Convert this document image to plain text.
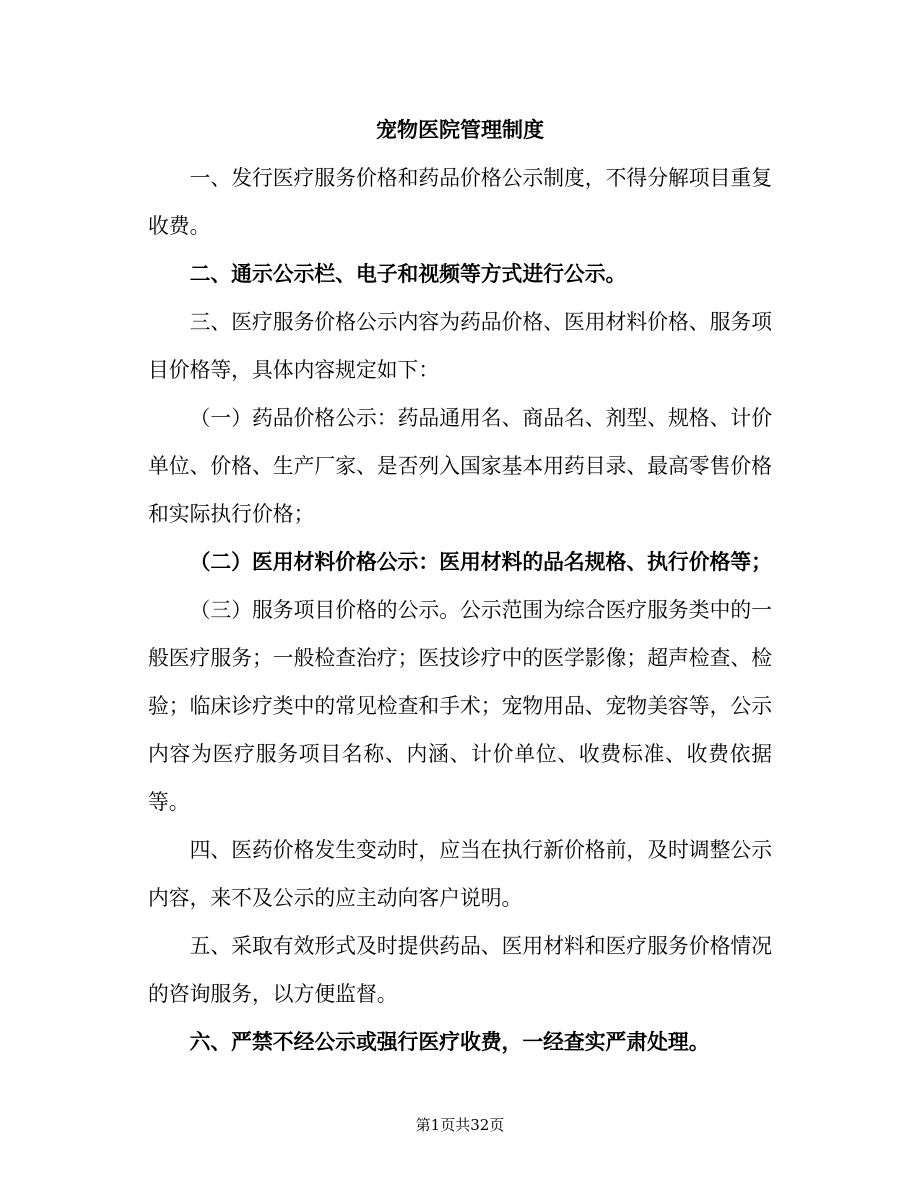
宠物医院管理制度

一、发行医疗服务价格和药品价格公示制度，不得分解项目重复收费。

二、通示公示栏、电子和视频等方式进行公示。

三、医疗服务价格公示内容为药品价格、医用材料价格、服务项目价格等，具体内容规定如下：

（一）药品价格公示：药品通用名、商品名、剂型、规格、计价单位、价格、生产厂家、是否列入国家基本用药目录、最高零售价格和实际执行价格；

（二）医用材料价格公示：医用材料的品名规格、执行价格等；

（三）服务项目价格的公示。公示范围为综合医疗服务类中的一般医疗服务；一般检查治疗；医技诊疗中的医学影像；超声检查、检验；临床诊疗类中的常见检查和手术；宠物用品、宠物美容等，公示内容为医疗服务项目名称、内涵、计价单位、收费标准、收费依据等。

四、医药价格发生变动时，应当在执行新价格前，及时调整公示内容，来不及公示的应主动向客户说明。

五、采取有效形式及时提供药品、医用材料和医疗服务价格情况的咨询服务，以方便监督。

六、严禁不经公示或强行医疗收费，一经查实严肃处理。

第1页共32页
